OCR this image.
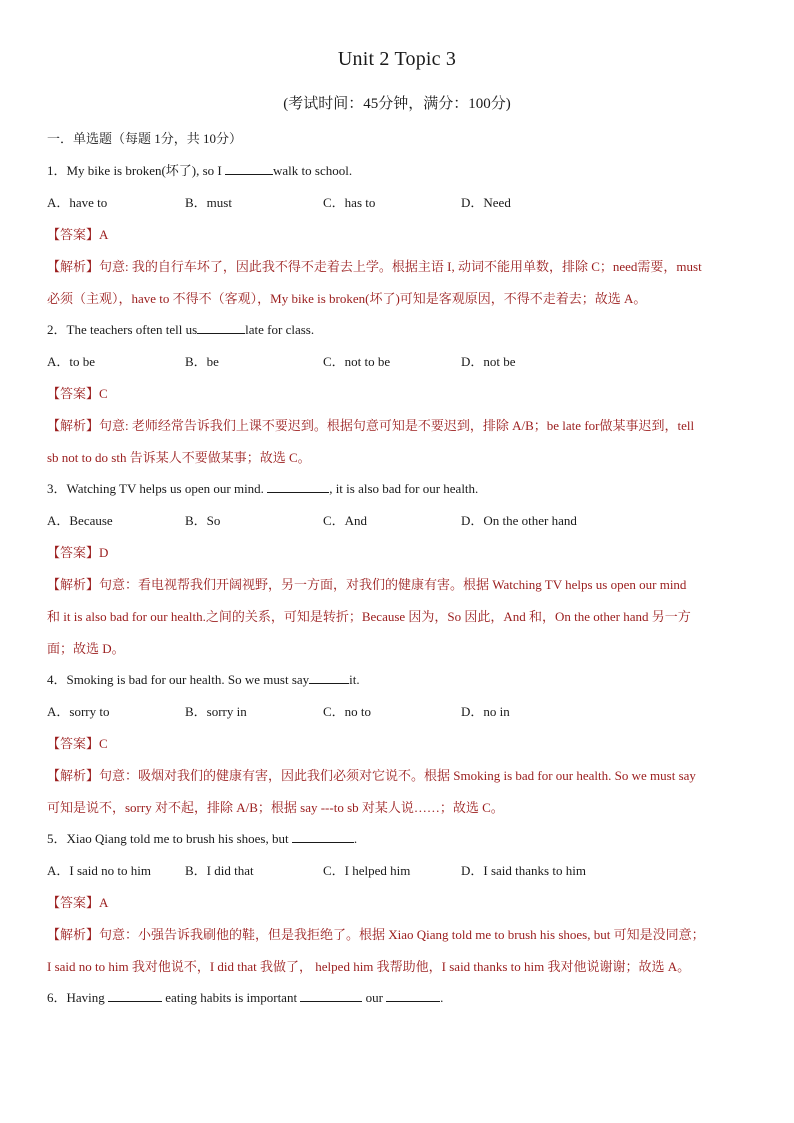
Unit 2 Topic 3
(考试时间：45分钟，满分：100分)
一．单选题（每题 1分，共 10分）
1．My bike is broken(坏了), so I	walk to school.
A．have to	B．must	C．has to	D．Need
【答案】A
【解析】句意: 我的自行车坏了，因此我不得不走着去上学。根据主语 I, 动词不能用单数，排除 C；need需要，must
必须（主观），have to 不得不（客观），My bike is broken(坏了)可知是客观原因，不得不走着去；故选 A。
2．The teachers often tell us	late for class.
A．to be	B．be	C．not to be	D．not be
【答案】C
【解析】句意: 老师经常告诉我们上课不要迟到。根据句意可知是不要迟到，排除 A/B；be late for做某事迟到，tell
sb not to do sth 告诉某人不要做某事；故选 C。
3．Watching TV helps us open our mind.	, it is also bad for our health.
A．Because	B．So	C．And	D．On the other hand
【答案】D
【解析】句意：看电视帮我们开阔视野，另一方面，对我们的健康有害。根据 Watching TV helps us open our mind
和 it is also bad for our health.之间的关系，可知是转折；Because 因为，So 因此，And 和，On the other hand 另一方
面；故选 D。
4．Smoking is bad for our health. So we must say	it.
A．sorry to	B．sorry in	C．no to	D．no in
【答案】C
【解析】句意：吸烟对我们的健康有害，因此我们必须对它说不。根据 Smoking is bad for our health. So we must say
可知是说不，sorry 对不起，排除 A/B；根据 say ---to sb 对某人说……；故选 C。
5．Xiao Qiang told me to brush his shoes, but	.
A．I said no to him	B．I did that	C．I helped him	D．I said thanks to him
【答案】A
【解析】句意：小强告诉我刷他的鞋，但是我拒绝了。根据 Xiao Qiang told me to brush his shoes, but 可知是没同意；
I said no to him 我对他说不，I did that 我做了， helped him 我帮助他，I said thanks to him 我对他说谢谢；故选 A。
6．Having	eating habits is important	our	.
